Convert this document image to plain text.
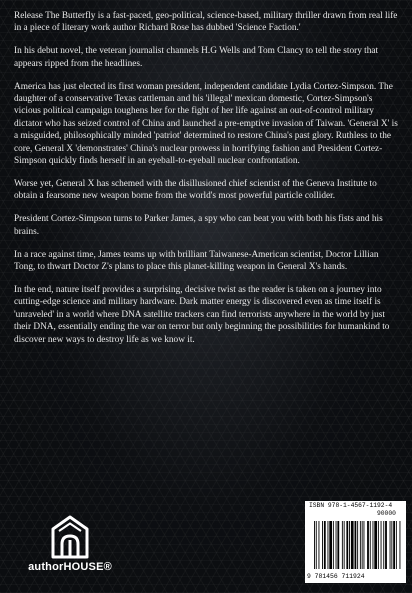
Release The Butterfly is a fast-paced, geo-political, science-based, military thriller drawn from real life in a piece of literary work author Richard Rose has dubbed 'Science Faction.'

In his debut novel, the veteran journalist channels H.G Wells and Tom Clancy to tell the story that appears ripped from the headlines.

America has just elected its first woman president, independent candidate Lydia Cortez-Simpson. The daughter of a conservative Texas cattleman and his 'illegal' mexican domestic, Cortez-Simpson's vicious political campaign toughens her for the fight of her life against an out-of-control military dictator who has seized control of China and launched a pre-emptive invasion of Taiwan. 'General X' is a misguided, philosophically minded 'patriot' determined to restore China's past glory. Ruthless to the core, General X 'demonstrates' China's nuclear prowess in horrifying fashion and President Cortez-Simpson quickly finds herself in an eyeball-to-eyeball nuclear confrontation.

Worse yet, General X has schemed with the disillusioned chief scientist of the Geneva Institute to obtain a fearsome new weapon borne from the world's most powerful particle collider.

President Cortez-Simpson turns to Parker James, a spy who can beat you with both his fists and his brains.

In a race against time, James teams up with brilliant Taiwanese-American scientist, Doctor Lillian Tong, to thwart Doctor Z's plans to place this planet-killing weapon in General X's hands.

In the end, nature itself provides a surprising, decisive twist as the reader is taken on a journey into cutting-edge science and military hardware. Dark matter energy is discovered even as time itself is 'unraveled' in a world where DNA satellite trackers can find terrorists anywhere in the world by just their DNA, essentially ending the war on terror but only beginning the possibilities for humankind to discover new ways to destroy life as we know it.

authorHOUSE®
ISBN 978-1-4567-1192-4
90000
9 781456 711924
